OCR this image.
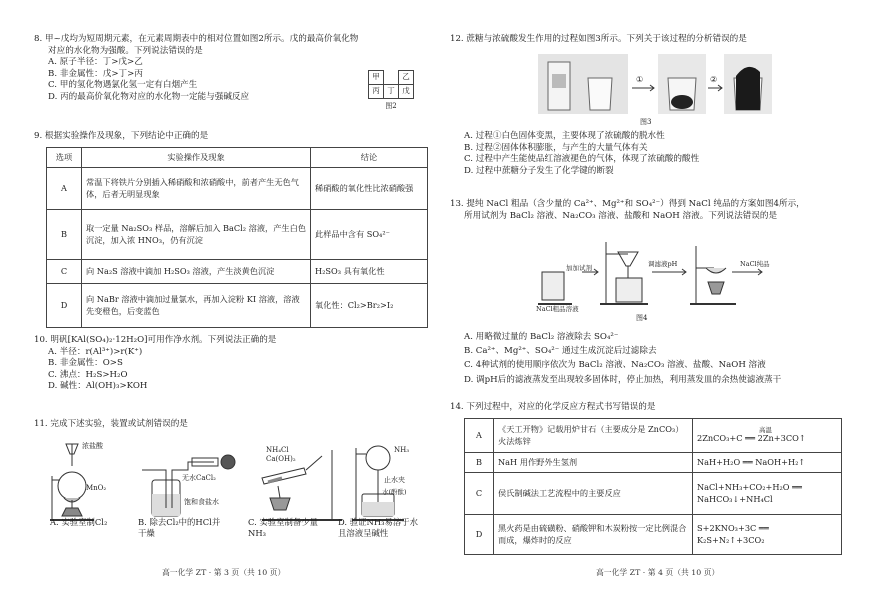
8. 甲~戊均为短周期元素，在元素周期表中的相对位置如图2所示。戊的最高价氧化物
对应的水化物为强酸。下列说法错误的是
A. 原子半径：丁>戊>乙
B. 非金属性：戊>丁>丙
C. 甲的氢化物遇氯化氢一定有白烟产生
D. 丙的最高价氧化物对应的水化物一定能与强碱反应
甲		乙
丙	丁	戊
图2
9. 根据实验操作及现象，下列结论中正确的是
选项	实验操作及现象	结论
A	常温下将铁片分别插入稀硝酸和浓硝酸中，前者产生无色气体，后者无明显现象	稀硝酸的氧化性比浓硝酸强
B	取一定量 Na₂SO₃ 样品，溶解后加入 BaCl₂ 溶液，产生白色沉淀，加入浓 HNO₃，仍有沉淀	此样品中含有 SO₄²⁻
C	向 Na₂S 溶液中滴加 H₂SO₃ 溶液，产生淡黄色沉淀	H₂SO₃ 具有氧化性
D	向 NaBr 溶液中滴加过量氯水，再加入淀粉 KI 溶液，溶液先变橙色，后变蓝色	氧化性：Cl₂>Br₂>I₂
10. 明矾[KAl(SO₄)₂·12H₂O]可用作净水剂。下列说法正确的是
A. 半径：r(Al³⁺)>r(K⁺)
B. 非金属性：O>S
C. 沸点：H₂S>H₂O
D. 碱性：Al(OH)₃>KOH
11. 完成下述实验，装置或试剂错误的是
浓盐酸
MnO₂
无水CaCl₂
饱和食盐水
NH₄Cl
Ca(OH)₂
NH₃
止水夹
水(酚酞)
A. 实验室制Cl₂	B. 除去Cl₂中的HCl并干燥
C. 实验室制备少量NH₃
D. 验证NH₃易溶于水且溶液呈碱性
高一化学 ZT · 第 3 页（共 10 页）
12. 蔗糖与浓硫酸发生作用的过程如图3所示。下列关于该过程的分析错误的是
①	②
图3
A. 过程①白色固体变黑，主要体现了浓硫酸的脱水性
B. 过程②固体体积膨胀，与产生的大量气体有关
C. 过程中产生能使品红溶液褪色的气体，体现了浓硫酸的酸性
D. 过程中蔗糖分子发生了化学键的断裂
13. 提纯 NaCl 粗品（含少量的 Ca²⁺、Mg²⁺和 SO₄²⁻）得到 NaCl 纯品的方案如图4所示，
所用试剂为 BaCl₂ 溶液、Na₂CO₃ 溶液、盐酸和 NaOH 溶液。下列说法错误的是
加加试剂
NaCl粗品溶液
调滤液pH	NaCl纯品
图4
A. 用略微过量的 BaCl₂ 溶液除去 SO₄²⁻
B. Ca²⁺、Mg²⁺、SO₄²⁻ 通过生成沉淀后过滤除去
C. 4种试剂的使用顺序依次为 BaCl₂ 溶液、Na₂CO₃ 溶液、盐酸、NaOH 溶液
D. 调pH后的滤液蒸发至出现较多固体时，停止加热，利用蒸发皿的余热使滤液蒸干
14. 下列过程中，对应的化学反应方程式书写错误的是
A	《天工开物》记载用炉甘石（主要成分是 ZnCO₃）火法炼锌	高温
2ZnCO₃+C ══ 2Zn+3CO↑

B	NaH 用作野外生氢剂	NaH+H₂O ══ NaOH+H₂↑
C	侯氏制碱法工艺流程中的主要反应	NaCl+NH₃+CO₂+H₂O ══ NaHCO₃↓+NH₄Cl
D	黑火药是由硫磺粉、硝酸钾和木炭粉按一定比例混合而成，爆炸时的反应	S+2KNO₃+3C ══ K₂S+N₂↑+3CO₂
高一化学 ZT · 第 4 页（共 10 页）
